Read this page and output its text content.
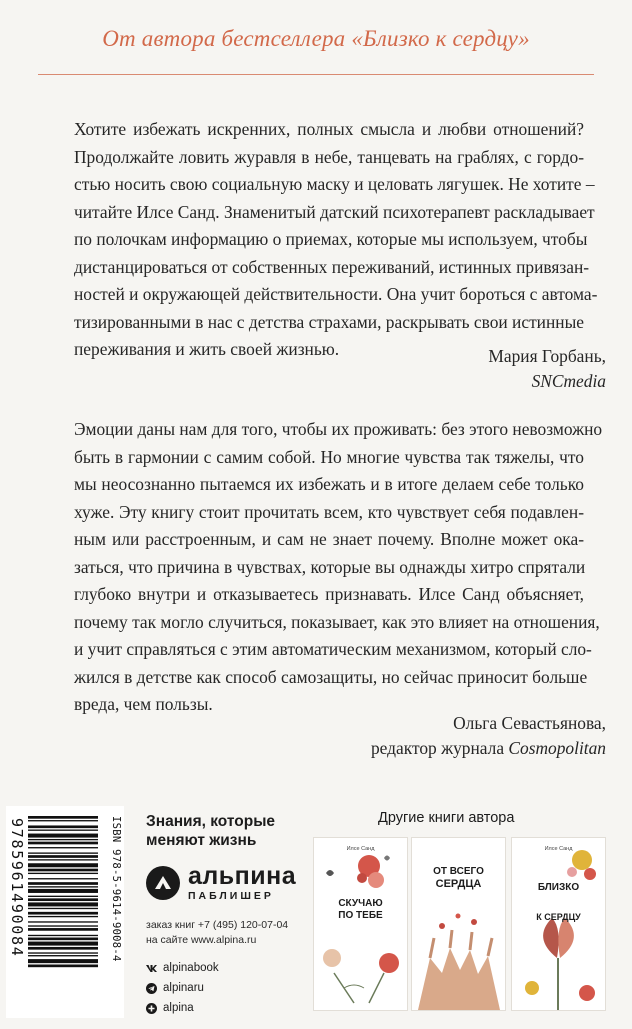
От автора бестселлера «Близко к сердцу»
Хотите избежать искренних, полных смысла и любви отношений?
Продолжайте ловить журавля в небе, танцевать на граблях, с гордо-
стью носить свою социальную маску и целовать лягушек. Не хотите –
читайте Илсе Санд. Знаменитый датский психотерапевт раскладывает
по полочкам информацию о приемах, которые мы используем, чтобы
дистанцироваться от собственных переживаний, истинных привязан-
ностей и окружающей действительности. Она учит бороться с автома-
тизированными в нас с детства страхами, раскрывать свои истинные
переживания и жить своей жизнью.	Мария Горбань,
SNCmedia
Эмоции даны нам для того, чтобы их проживать: без этого невозможно
быть в гармонии с самим собой. Но многие чувства так тяжелы, что
мы неосознанно пытаемся их избежать и в итоге делаем себе только
хуже. Эту книгу стоит прочитать всем, кто чувствует себя подавлен-
ным или расстроенным, и сам не знает почему. Вполне может ока-
заться, что причина в чувствах, которые вы однажды хитро спрятали
глубоко внутри и отказываетесь признавать. Илсе Санд объясняет,
почему так могло случиться, показывает, как это влияет на отношения,
и учит справляться с этим автоматическим механизмом, который сло-
жился в детстве как способ самозащиты, но сейчас приносит больше
вреда, чем пользы.
Ольга Севастьянова,
редактор журнала Cosmopolitan
9785961490084	ISBN 978-5-9614-9008-4 Знания, которые
меняют жизнь
альпина
ПАБЛИШЕР
заказ книг +7 (495) 120-07-04
на сайте www.alpina.ru
alpinabook
alpinaru
alpina
Другие книги автора
Илсе Санд
СКУЧАЮ
ПО ТЕБЕ
ОТ ВСЕГО
СЕРДЦА
Илсе Санд
БЛИЗКО
К СЕРДЦУ
